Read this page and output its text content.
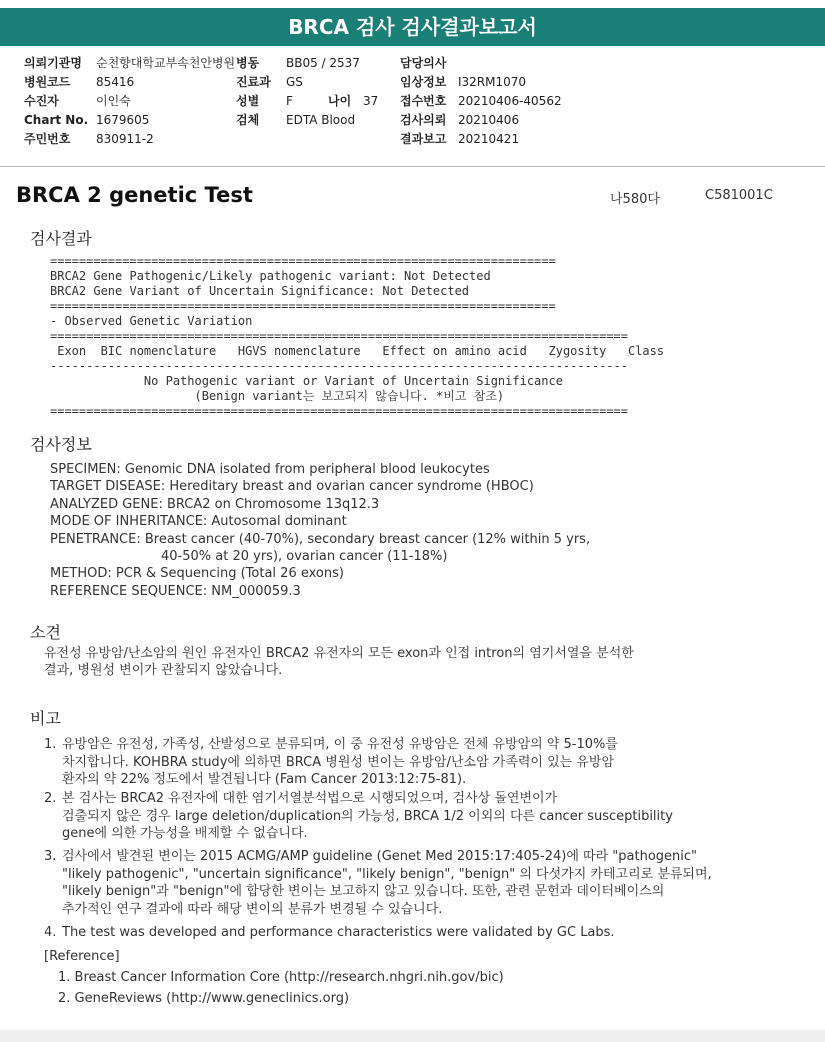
BRCA 검사 검사결과보고서
의뢰기관명 순천향대학교부속천안병원
병원코드 85416
수진자	이인숙
Chart No. 1679605
주민번호 830911-2
병동 BB05 / 2537
진료과 GS
성별 F	나이 37
검체 EDTA Blood
담당의사
임상정보 I32RM1070
접수번호 20210406-40562
검사의뢰 20210406
결과보고 20210421
BRCA 2 genetic Test	나580다	C581001C
검사결과
======================================================================
BRCA2 Gene Pathogenic/Likely pathogenic variant: Not Detected
BRCA2 Gene Variant of Uncertain Significance: Not Detected
======================================================================
- Observed Genetic Variation
================================================================================
Exon  BIC nomenclature   HGVS nomenclature   Effect on amino acid   Zygosity   Class
--------------------------------------------------------------------------------
No Pathogenic variant or Variant of Uncertain Significance
(Benign variant는 보고되지 않습니다. *비고 참조)
================================================================================
검사정보
SPECIMEN: Genomic DNA isolated from peripheral blood leukocytes
TARGET DISEASE: Hereditary breast and ovarian cancer syndrome (HBOC)
ANALYZED GENE: BRCA2 on Chromosome 13q12.3
MODE OF INHERITANCE: Autosomal dominant
PENETRANCE: Breast cancer (40-70%), secondary breast cancer (12% within 5 yrs,
40-50% at 20 yrs), ovarian cancer (11-18%)
METHOD: PCR & Sequencing (Total 26 exons)
REFERENCE SEQUENCE: NM_000059.3
소견
유전성 유방암/난소암의 원인 유전자인 BRCA2 유전자의 모든 exon과 인접 intron의 염기서열을 분석한
결과, 병원성 변이가 관찰되지 않았습니다.
비고
1. 유방암은 유전성, 가족성, 산발성으로 분류되며, 이 중 유전성 유방암은 전체 유방암의 약 5-10%를
차지합니다. KOHBRA study에 의하면 BRCA 병원성 변이는 유방암/난소암 가족력이 있는 유방암
환자의 약 22% 정도에서 발견됩니다 (Fam Cancer 2013:12:75-81).
2. 본 검사는 BRCA2 유전자에 대한 염기서열분석법으로 시행되었으며, 검사상 돌연변이가
검출되지 않은 경우 large deletion/duplication의 가능성, BRCA 1/2 이외의 다른 cancer susceptibility
gene에 의한 가능성을 배제할 수 없습니다.
3. 검사에서 발견된 변이는 2015 ACMG/AMP guideline (Genet Med 2015:17:405-24)에 따라 "pathogenic"
"likely pathogenic", "uncertain significance", "likely benign", "benign" 의 다섯가지 카테고리로 분류되며,
"likely benign"과 "benign"에 합당한 변이는 보고하지 않고 있습니다. 또한, 관련 문헌과 데이터베이스의
추가적인 연구 결과에 따라 해당 변이의 분류가 변경될 수 있습니다.
4. The test was developed and performance characteristics were validated by GC Labs.
[Reference]
1. Breast Cancer Information Core (http://research.nhgri.nih.gov/bic)
2. GeneReviews (http://www.geneclinics.org)
